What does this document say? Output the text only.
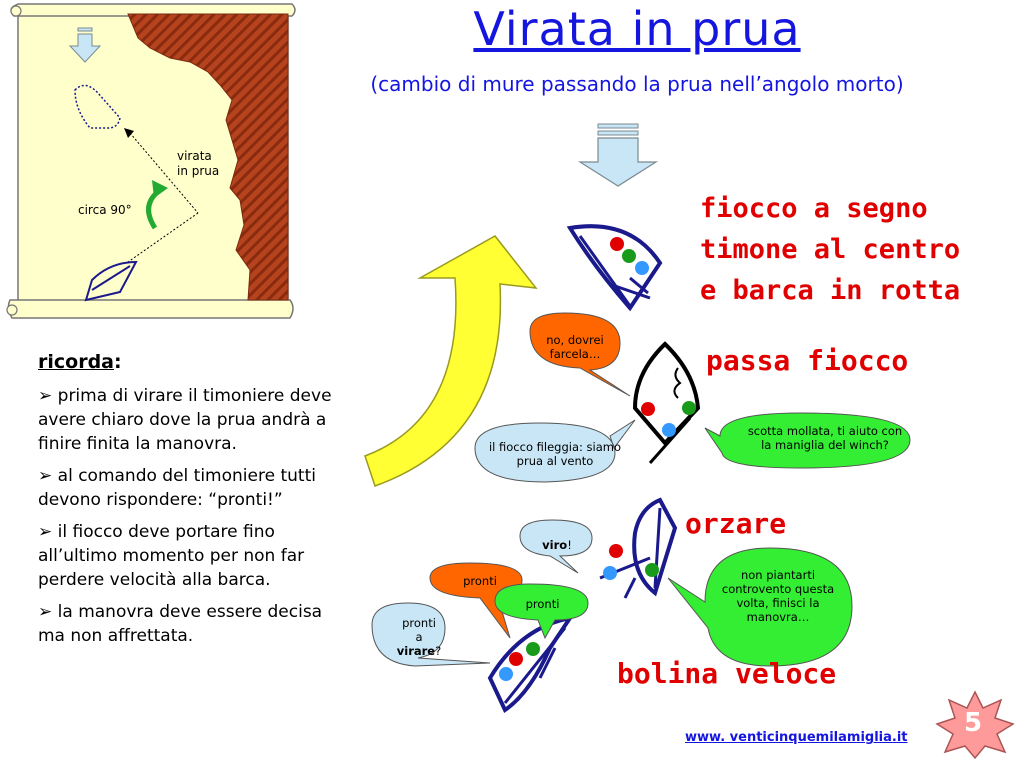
virata
in prua
circa 90°
Virata in prua
(cambio di mure passando la prua nell’angolo morto)
fiocco a segno
timone al centro
e barca in rotta
passa fiocco
orzare
bolina veloce
no, dovrei farcela…
scotta mollata, ti aiuto con la maniglia del winch?
il fiocco fileggia: siamo prua al vento
viro!
pronti
pronti
pronti
a
virare?
non piantarti controvento questa volta, finisci la manovra…
ricorda:
➢ prima di virare il timoniere deve avere chiaro dove la prua andrà a finire finita la manovra.
➢ al comando del timoniere tutti devono rispondere: “pronti!”
➢ il fiocco deve portare fino all’ultimo momento per non far perdere velocità alla barca.
➢ la manovra deve essere decisa ma non affrettata.
www. venticinquemilamiglia.it 5
